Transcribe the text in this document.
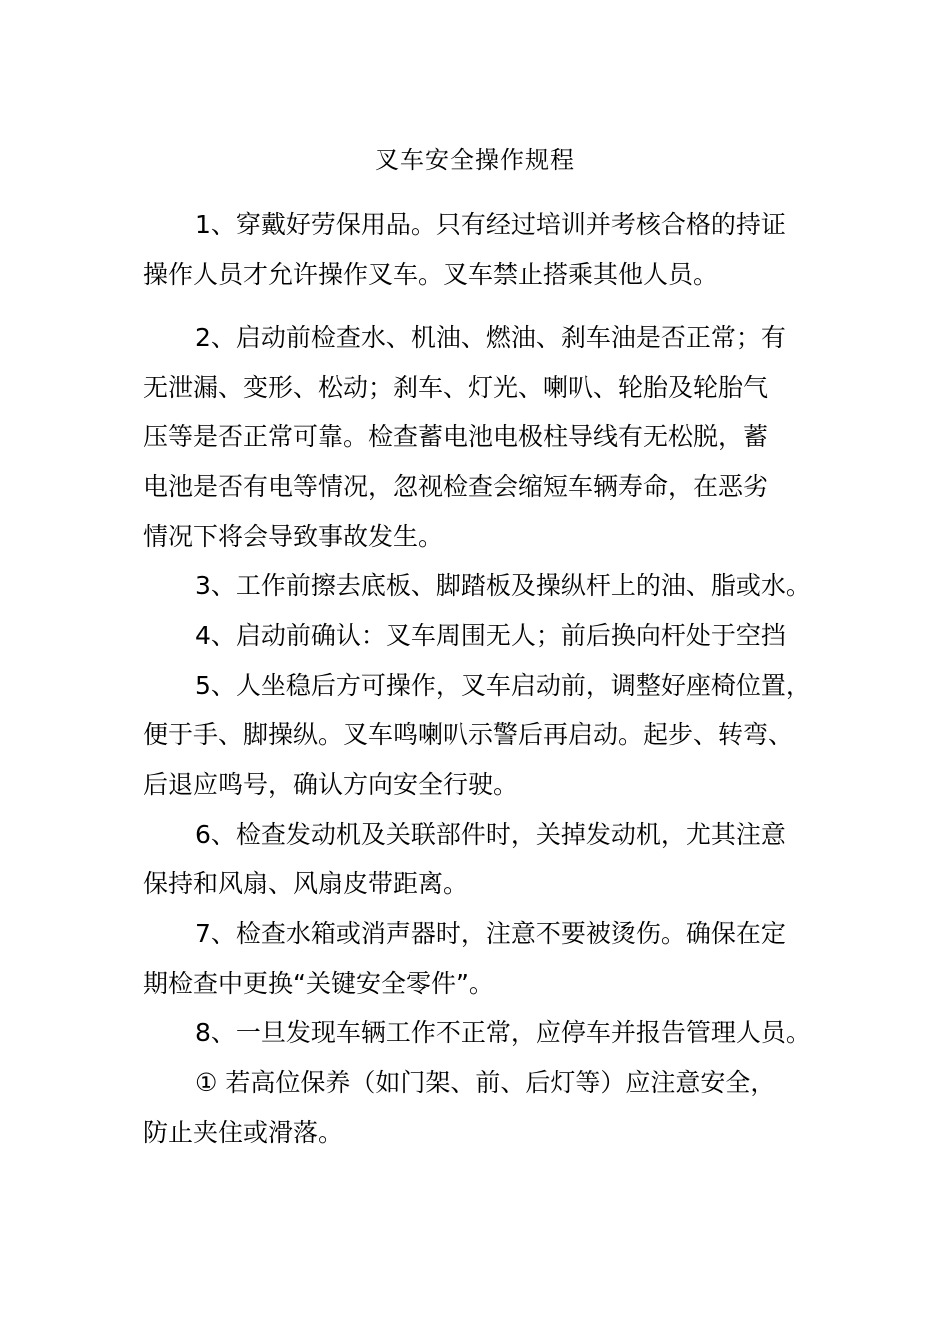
叉车安全操作规程
1、穿戴好劳保用品。只有经过培训并考核合格的持证
操作人员才允许操作叉车。叉车禁止搭乘其他人员。
2、启动前检查水、机油、燃油、刹车油是否正常；有
无泄漏、变形、松动；刹车、灯光、喇叭、轮胎及轮胎气
压等是否正常可靠。检查蓄电池电极柱导线有无松脱，蓄
电池是否有电等情况，忽视检查会缩短车辆寿命，在恶劣
情况下将会导致事故发生。
3、工作前擦去底板、脚踏板及操纵杆上的油、脂或水。
4、启动前确认：叉车周围无人；前后换向杆处于空挡
5、人坐稳后方可操作，叉车启动前，调整好座椅位置，
便于手、脚操纵。叉车鸣喇叭示警后再启动。起步、转弯、
后退应鸣号，确认方向安全行驶。
6、检查发动机及关联部件时，关掉发动机，尤其注意
保持和风扇、风扇皮带距离。
7、检查水箱或消声器时，注意不要被烫伤。确保在定
期检查中更换“关键安全零件”。
8、一旦发现车辆工作不正常，应停车并报告管理人员。
① 若高位保养（如门架、前、后灯等）应注意安全，
防止夹住或滑落。
